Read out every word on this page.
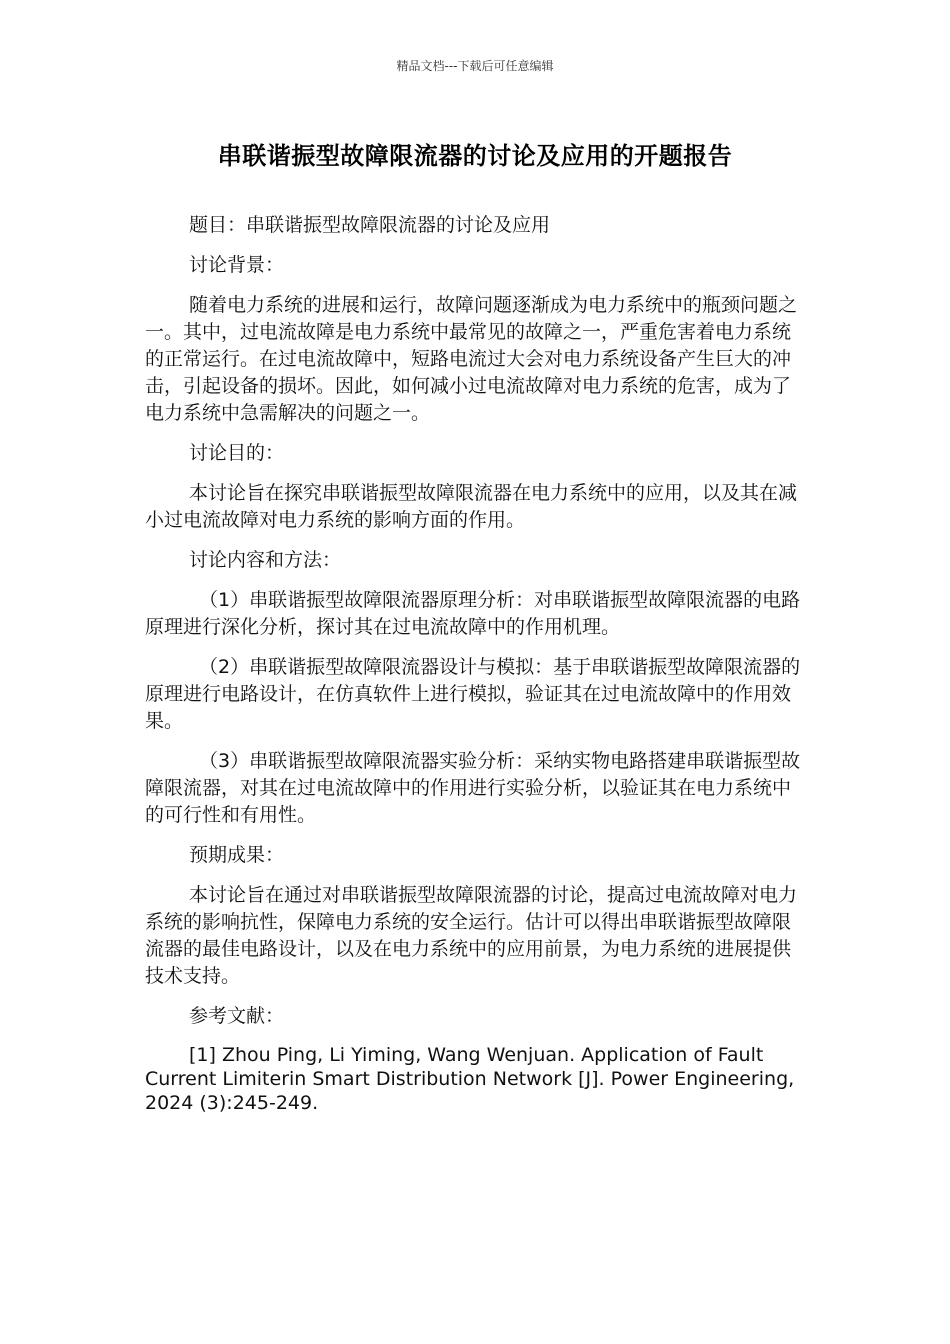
精品文档---下载后可任意编辑
串联谐振型故障限流器的讨论及应用的开题报告

题目：串联谐振型故障限流器的讨论及应用

讨论背景：

随着电力系统的进展和运行，故障问题逐渐成为电力系统中的瓶颈问题之一。其中，过电流故障是电力系统中最常见的故障之一，严重危害着电力系统的正常运行。在过电流故障中，短路电流过大会对电力系统设备产生巨大的冲击，引起设备的损坏。因此，如何减小过电流故障对电力系统的危害，成为了电力系统中急需解决的问题之一。

讨论目的：

本讨论旨在探究串联谐振型故障限流器在电力系统中的应用，以及其在减小过电流故障对电力系统的影响方面的作用。

讨论内容和方法：

（1）串联谐振型故障限流器原理分析：对串联谐振型故障限流器的电路原理进行深化分析，探讨其在过电流故障中的作用机理。

（2）串联谐振型故障限流器设计与模拟：基于串联谐振型故障限流器的原理进行电路设计，在仿真软件上进行模拟，验证其在过电流故障中的作用效果。

（3）串联谐振型故障限流器实验分析：采纳实物电路搭建串联谐振型故障限流器，对其在过电流故障中的作用进行实验分析，以验证其在电力系统中的可行性和有用性。

预期成果：

本讨论旨在通过对串联谐振型故障限流器的讨论，提高过电流故障对电力系统的影响抗性，保障电力系统的安全运行。估计可以得出串联谐振型故障限流器的最佳电路设计，以及在电力系统中的应用前景，为电力系统的进展提供技术支持。

参考文献：

[1] Zhou Ping, Li Yiming, Wang Wenjuan. Application of Fault Current Limiterin Smart Distribution Network [J]. Power Engineering, 2024 (3):245-249.
